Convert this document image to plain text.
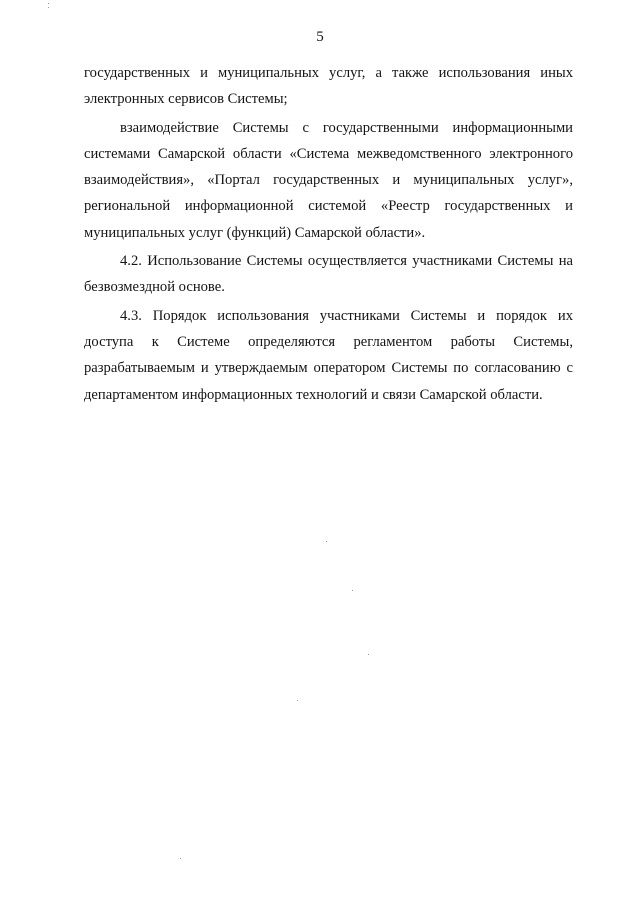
5

государственных и муниципальных услуг, а также использования иных электронных сервисов Системы;

взаимодействие Системы с государственными информационными системами Самарской области «Система межведомственного электронного взаимодействия», «Портал государственных и муниципальных услуг», региональной информационной системой «Реестр государственных и муниципальных услуг (функций) Самарской области».

4.2. Использование Системы осуществляется участниками Системы на безвозмездной основе.

4.3. Порядок использования участниками Системы и порядок их доступа к Системе определяются регламентом работы Системы, разрабатываемым и утверждаемым оператором Системы по согласованию с департаментом информационных технологий и связи Самарской области.
